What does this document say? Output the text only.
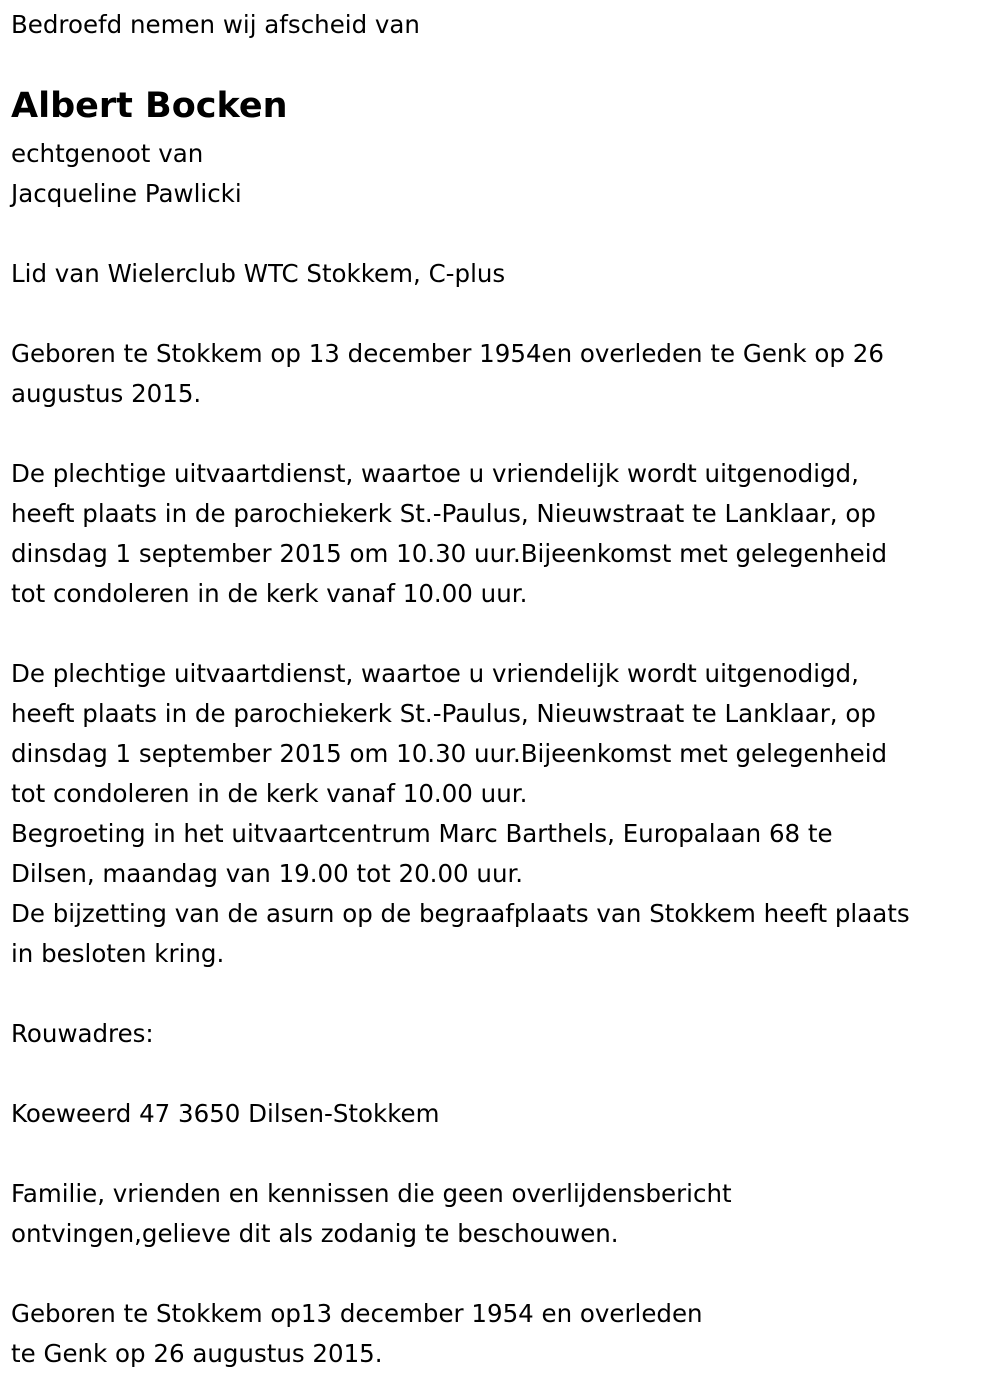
Bedroefd nemen wij afscheid van
Albert Bocken
echtgenoot van
Jacqueline Pawlicki
Lid van Wielerclub WTC Stokkem, C-plus
Geboren te Stokkem op 13 december 1954en overleden te Genk op 26
augustus 2015.
De plechtige uitvaartdienst, waartoe u vriendelijk wordt uitgenodigd,
heeft plaats in de parochiekerk St.-Paulus, Nieuwstraat te Lanklaar, op
dinsdag 1 september 2015 om 10.30 uur.Bijeenkomst met gelegenheid
tot condoleren in de kerk vanaf 10.00 uur.
De plechtige uitvaartdienst, waartoe u vriendelijk wordt uitgenodigd,
heeft plaats in de parochiekerk St.-Paulus, Nieuwstraat te Lanklaar, op
dinsdag 1 september 2015 om 10.30 uur.Bijeenkomst met gelegenheid
tot condoleren in de kerk vanaf 10.00 uur.
Begroeting in het uitvaartcentrum Marc Barthels, Europalaan 68 te
Dilsen, maandag van 19.00 tot 20.00 uur.
De bijzetting van de asurn op de begraafplaats van Stokkem heeft plaats
in besloten kring.
Rouwadres:
Koeweerd 47 3650 Dilsen-Stokkem
Familie, vrienden en kennissen die geen overlijdensbericht
ontvingen,gelieve dit als zodanig te beschouwen.
Geboren te Stokkem op13 december 1954 en overleden
te Genk op 26 augustus 2015.
